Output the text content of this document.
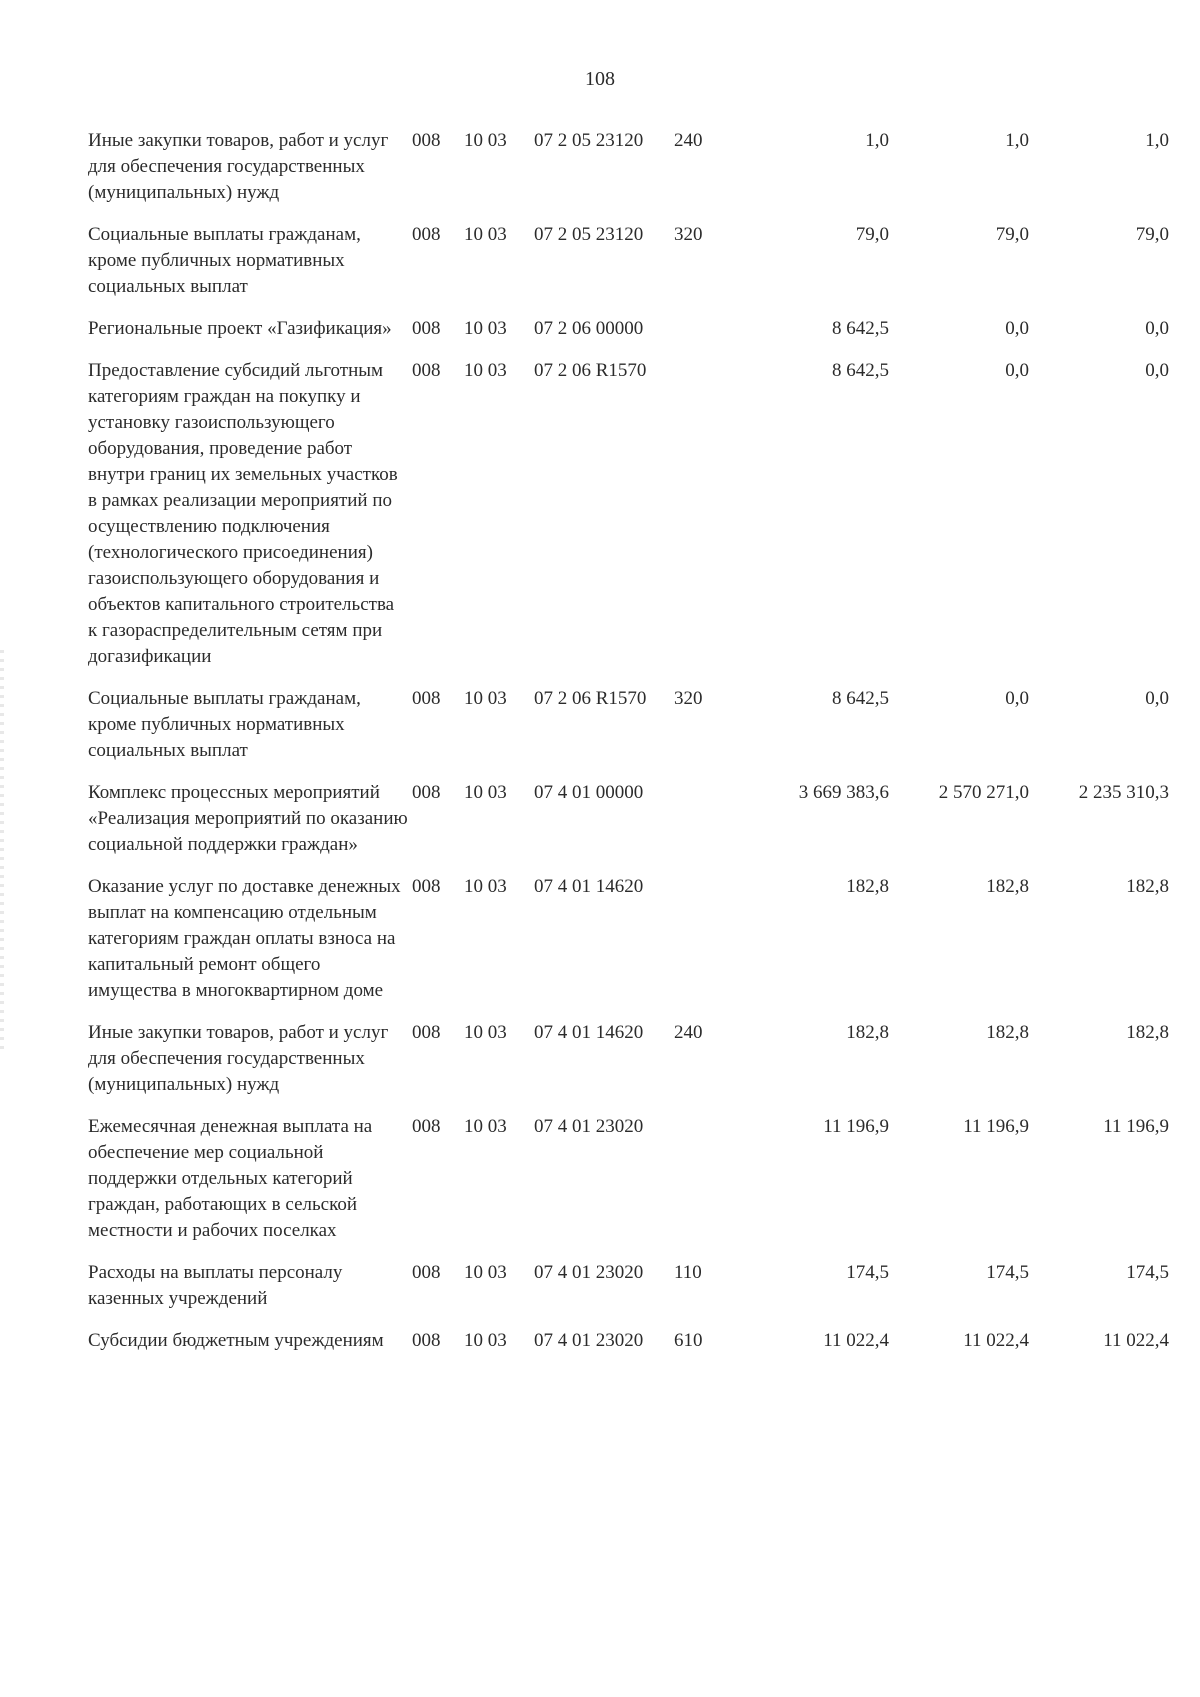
108
Иные закупки товаров, работ и услуг для обеспечения государственных (муниципальных) нужд	008	10 03	07 2 05 23120	240	1,0	1,0	1,0
Социальные выплаты гражданам, кроме публичных нормативных социальных выплат	008	10 03	07 2 05 23120	320	79,0	79,0	79,0
Региональные проект «Газификация»	008	10 03	07 2 06 00000		8 642,5	0,0	0,0
Предоставление субсидий льготным категориям граждан на покупку и установку газоиспользующего оборудования, проведение работ внутри границ их земельных участков в рамках реализации мероприятий по осуществлению подключения (технологического присоединения) газоиспользующего оборудования и объектов капитального строительства к газораспределительным сетям при догазификации	008	10 03	07 2 06 R1570		8 642,5	0,0	0,0
Социальные выплаты гражданам, кроме публичных нормативных социальных выплат	008	10 03	07 2 06 R1570	320	8 642,5	0,0	0,0
Комплекс процессных мероприятий «Реализация мероприятий по оказанию социальной поддержки граждан»	008	10 03	07 4 01 00000		3 669 383,6	2 570 271,0	2 235 310,3
Оказание услуг по доставке денежных выплат на компенсацию отдельным категориям граждан оплаты взноса на капитальный ремонт общего имущества в многоквартирном доме	008	10 03	07 4 01 14620		182,8	182,8	182,8
Иные закупки товаров, работ и услуг для обеспечения государственных (муниципальных) нужд	008	10 03	07 4 01 14620	240	182,8	182,8	182,8
Ежемесячная денежная выплата на обеспечение мер социальной поддержки отдельных категорий граждан, работающих в сельской местности и рабочих поселках	008	10 03	07 4 01 23020		11 196,9	11 196,9	11 196,9
Расходы на выплаты персоналу казенных учреждений	008	10 03	07 4 01 23020	110	174,5	174,5	174,5
Субсидии бюджетным учреждениям	008	10 03	07 4 01 23020	610	11 022,4	11 022,4	11 022,4
